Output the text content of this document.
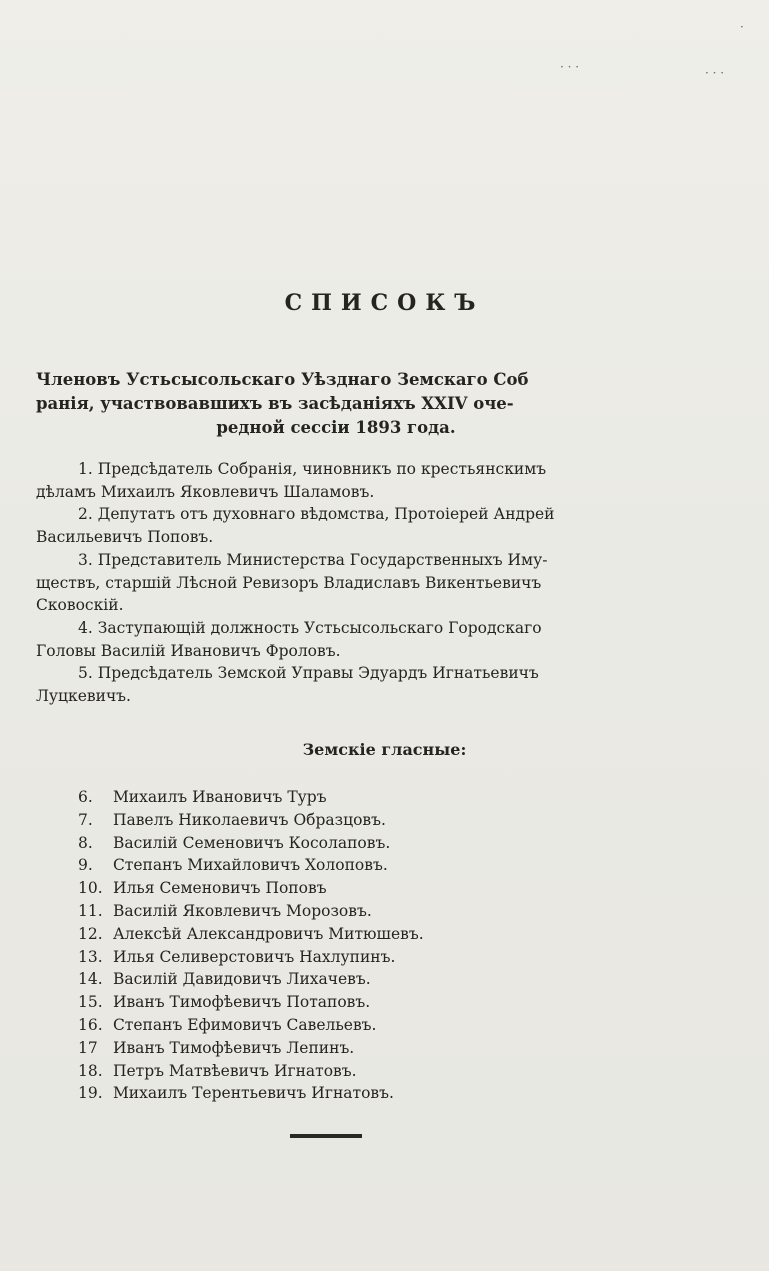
· · ·	· · ·
·
СПИСОКЪ
Членовъ Устьсысольскаго Уѣзднаго Земскаго Соб
ранія, участвовавшихъ въ засѣданіяхъ XXIV оче-
редной сессіи 1893 года.

1. Предсѣдатель Собранія, чиновникъ по крестьянскимъ
дѣламъ Михаилъ Яковлевичъ Шаламовъ.

2. Депутатъ отъ духовнаго вѣдомства, Протоіерей Андрей
Васильевичъ Поповъ.

3. Представитель Министерства Государственныхъ Иму-
ществъ, старшій Лѣсной Ревизоръ Владиславъ Викентьевичъ
Сковоскій.

4. Заступающій должность Устьсысольскаго Городскаго
Головы Василій Ивановичъ Фроловъ.

5. Предсѣдатель Земской Управы Эдуардъ Игнатьевичъ
Луцкевичъ.

Земскіе гласные:
6. Михаилъ Ивановичъ Туръ
7. Павелъ Николаевичъ Образцовъ.
8. Василій Семеновичъ Косолаповъ.
9. Степанъ Михайловичъ Холоповъ.
10. Илья Семеновичъ Поповъ
11. Василій Яковлевичъ Морозовъ.
12. Алексѣй Александровичъ Митюшевъ.
13. Илья Селиверстовичъ Нахлупинъ.
14. Василій Давидовичъ Лихачевъ.
15. Иванъ Тимофѣевичъ Потаповъ.
16. Степанъ Ефимовичъ Савельевъ.
17 Иванъ Тимофѣевичъ Лепинъ.
18. Петръ Матвѣевичъ Игнатовъ.
19. Михаилъ Терентьевичъ Игнатовъ.
